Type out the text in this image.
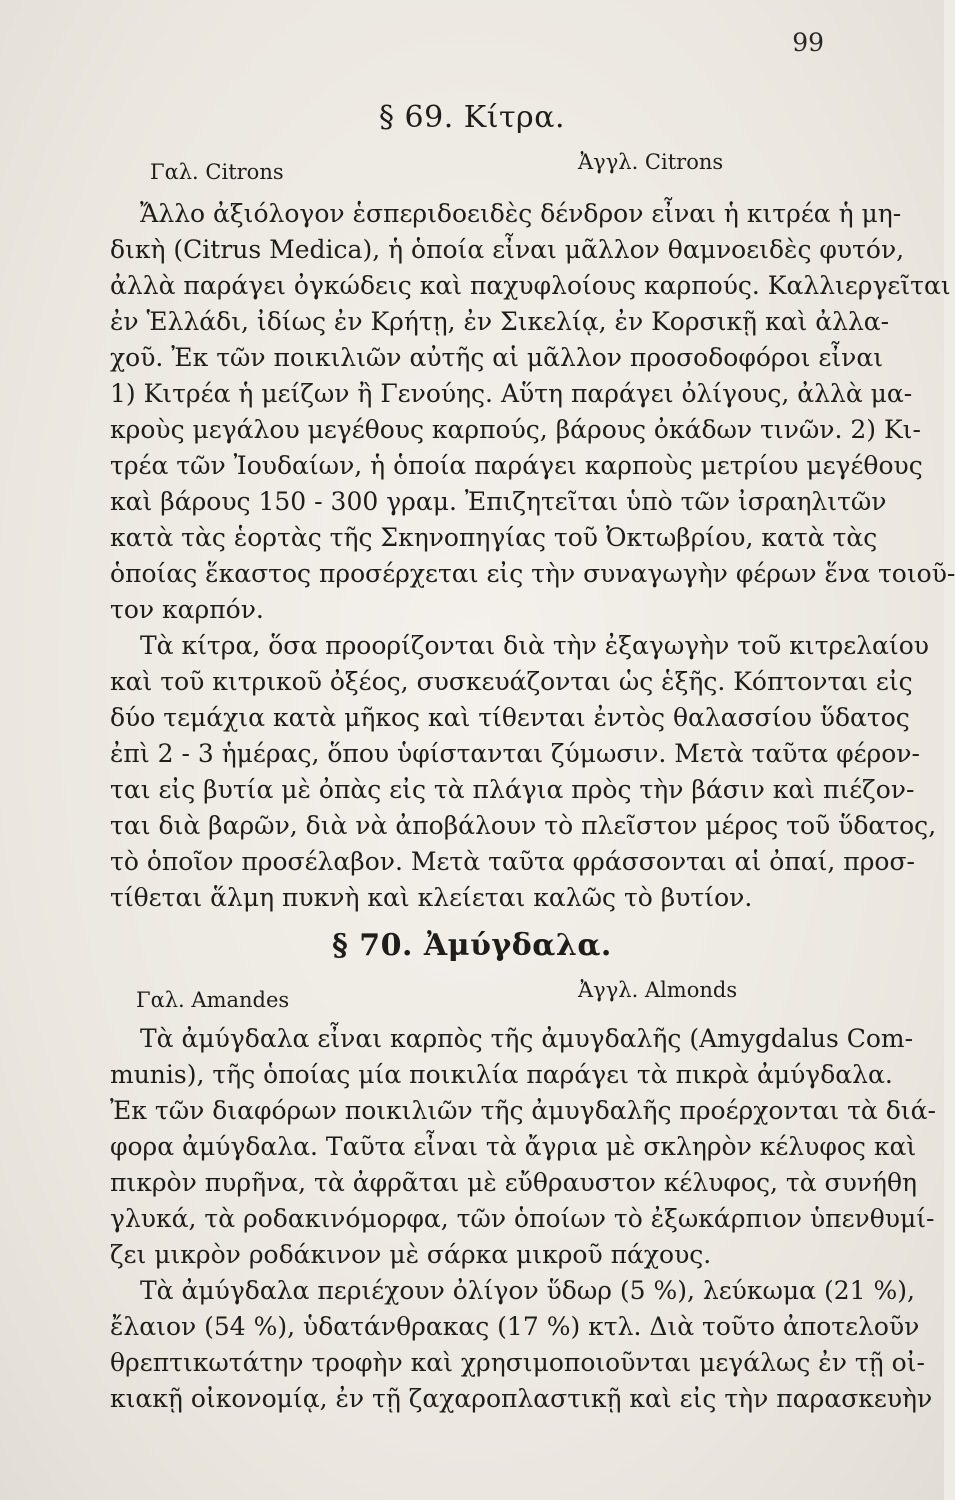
99
§ 69. Κίτρα.
Γαλ. Citrons	Ἀγγλ. Citrons
Ἄλλο ἀξιόλογον ἑσπεριδοειδὲς δένδρον εἶναι ἡ κιτρέα ἡ μη-
δικὴ (Citrus Medica), ἡ ὁποία εἶναι μᾶλλον θαμνοειδὲς φυτόν,
ἀλλὰ παράγει ὀγκώδεις καὶ παχυφλοίους καρπούς. Καλλιεργεῖται
ἐν Ἑλλάδι, ἰδίως ἐν Κρήτῃ, ἐν Σικελίᾳ, ἐν Κορσικῇ καὶ ἀλλα-
χοῦ. Ἐκ τῶν ποικιλιῶν αὐτῆς αἱ μᾶλλον προσοδοφόροι εἶναι
1) Κιτρέα ἡ μείζων ἢ Γενούης. Αὕτη παράγει ὀλίγους, ἀλλὰ μα-
κροὺς μεγάλου μεγέθους καρπούς, βάρους ὀκάδων τινῶν. 2) Κι-
τρέα τῶν Ἰουδαίων, ἡ ὁποία παράγει καρποὺς μετρίου μεγέθους
καὶ βάρους 150 - 300 γραμ. Ἐπιζητεῖται ὑπὸ τῶν ἰσραηλιτῶν
κατὰ τὰς ἑορτὰς τῆς Σκηνοπηγίας τοῦ Ὀκτωβρίου, κατὰ τὰς
ὁποίας ἕκαστος προσέρχεται εἰς τὴν συναγωγὴν φέρων ἕνα τοιοῦ-
τον καρπόν.
Τὰ κίτρα, ὅσα προορίζονται διὰ τὴν ἐξαγωγὴν τοῦ κιτρελαίου
καὶ τοῦ κιτρικοῦ ὀξέος, συσκευάζονται ὡς ἑξῆς. Κόπτονται εἰς
δύο τεμάχια κατὰ μῆκος καὶ τίθενται ἐντὸς θαλασσίου ὕδατος
ἐπὶ 2 - 3 ἡμέρας, ὅπου ὑφίστανται ζύμωσιν. Μετὰ ταῦτα φέρον-
ται εἰς βυτία μὲ ὀπὰς εἰς τὰ πλάγια πρὸς τὴν βάσιν καὶ πιέζον-
ται διὰ βαρῶν, διὰ νὰ ἀποβάλουν τὸ πλεῖστον μέρος τοῦ ὕδατος,
τὸ ὁποῖον προσέλαβον. Μετὰ ταῦτα φράσσονται αἱ ὀπαί, προσ-
τίθεται ἅλμη πυκνὴ καὶ κλείεται καλῶς τὸ βυτίον.
§ 70. Ἀμύγδαλα.
Γαλ. Amandes	Ἀγγλ. Almonds
Τὰ ἀμύγδαλα εἶναι καρπὸς τῆς ἀμυγδαλῆς (Amygdalus Com-
munis), τῆς ὁποίας μία ποικιλία παράγει τὰ πικρὰ ἀμύγδαλα.
Ἐκ τῶν διαφόρων ποικιλιῶν τῆς ἀμυγδαλῆς προέρχονται τὰ διά-
φορα ἀμύγδαλα. Ταῦτα εἶναι τὰ ἄγρια μὲ σκληρὸν κέλυφος καὶ
πικρὸν πυρῆνα, τὰ ἀφρᾶται μὲ εὔθραυστον κέλυφος, τὰ συνήθη
γλυκά, τὰ ροδακινόμορφα, τῶν ὁποίων τὸ ἐξωκάρπιον ὑπενθυμί-
ζει μικρὸν ροδάκινον μὲ σάρκα μικροῦ πάχους.
Τὰ ἀμύγδαλα περιέχουν ὀλίγον ὕδωρ (5 %), λεύκωμα (21 %),
ἔλαιον (54 %), ὑδατάνθρακας (17 %) κτλ. Διὰ τοῦτο ἀποτελοῦν
θρεπτικωτάτην τροφὴν καὶ χρησιμοποιοῦνται μεγάλως ἐν τῇ οἰ-
κιακῇ οἰκονομίᾳ, ἐν τῇ ζαχαροπλαστικῇ καὶ εἰς τὴν παρασκευὴν
